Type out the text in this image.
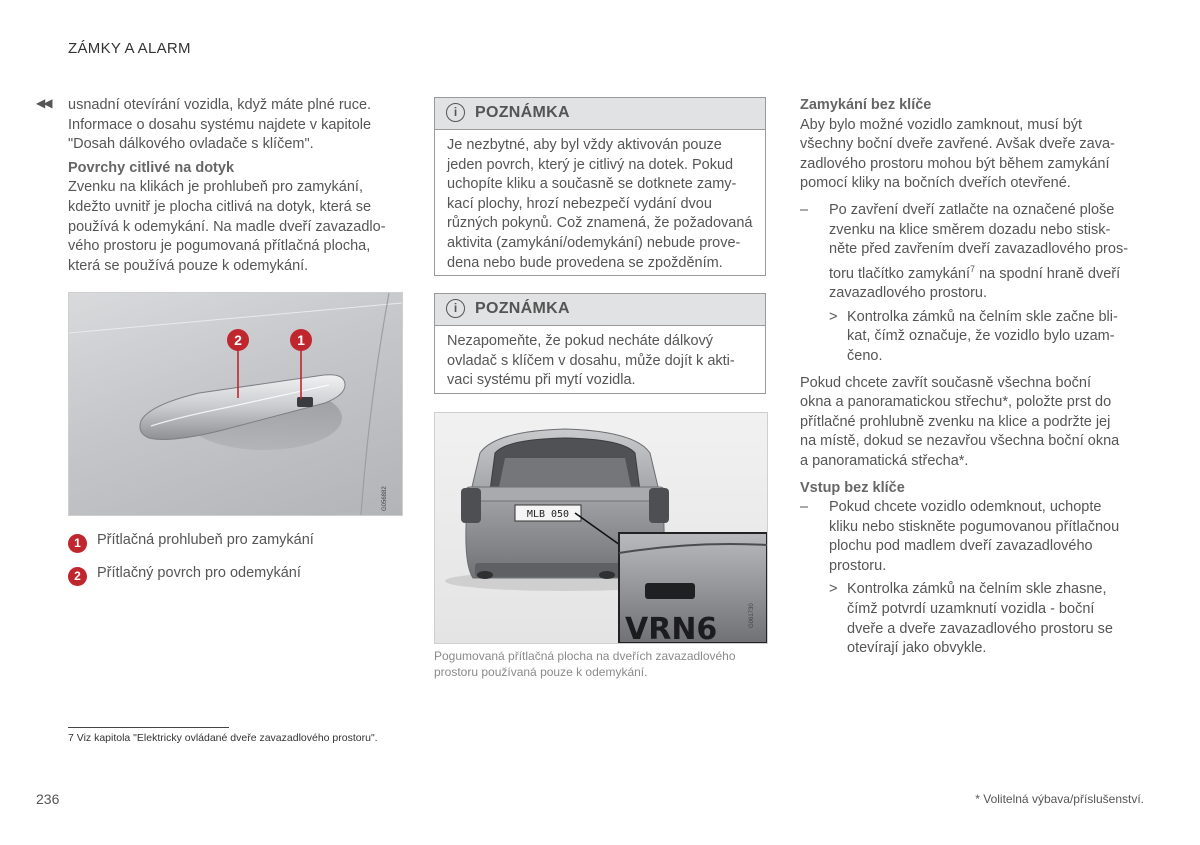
ZÁMKY A ALARM
◀◀ usnadní otevírání vozidla, když máte plné ruce.

Informace o dosahu systému najdete v kapitole

"Dosah dálkového ovladače s klíčem".

Povrchy citlivé na dotyk

Zvenku na klikách je prohlubeň pro zamykání,

kdežto uvnitř je plocha citlivá na dotyk, která se

používá k odemykání. Na madle dveří zavazadlo-

vého prostoru je pogumovaná přítlačná plocha,

která se používá pouze k odemykání.

2	1
G056882
1	Přítlačná prohlubeň pro zamykání
2	Přítlačný povrch pro odemykání
i	POZNÁMKA
Je nezbytné, aby byl vždy aktivován pouze
jeden povrch, který je citlivý na dotek. Pokud
uchopíte kliku a současně se dotknete zamy-
kací plochy, hrozí nebezpečí vydání dvou
různých pokynů. Což znamená, že požadovaná
aktivita (zamykání/odemykání) nebude prove-
dena nebo bude provedena se zpožděním.
i	POZNÁMKA
Nezapomeňte, že pokud necháte dálkový
ovladač s klíčem v dosahu, může dojít k akti-
vaci systému při mytí vozidla.
MLB 050
VRN6	G061730
Pogumovaná přítlačná plocha na dveřích zavazadlového
prostoru používaná pouze k odemykání.

Zamykání bez klíče

Aby bylo možné vozidlo zamknout, musí být

všechny boční dveře zavřené. Avšak dveře zava-

zadlového prostoru mohou být během zamykání

pomocí kliky na bočních dveřích otevřené.

– Po zavření dveří zatlačte na označené ploše

zvenku na klice směrem dozadu nebo stisk-

něte před zavřením dveří zavazadlového pros-

toru tlačítko zamykání$^7$ na spodní hraně dveří

zavazadlového prostoru.

> Kontrolka zámků na čelním skle začne bli-

kat, čímž označuje, že vozidlo bylo uzam-

čeno.

Pokud chcete zavřít současně všechna boční

okna a panoramatickou střechu*, položte prst do

přítlačné prohlubně zvenku na klice a podržte jej

na místě, dokud se nezavřou všechna boční okna

a panoramatická střecha*.

Vstup bez klíče

– Pokud chcete vozidlo odemknout, uchopte

kliku nebo stiskněte pogumovanou přítlačnou

plochu pod madlem dveří zavazadlového

prostoru.

> Kontrolka zámků na čelním skle zhasne,

čímž potvrdí uzamknutí vozidla - boční

dveře a dveře zavazadlového prostoru se

otevírají jako obvykle.

7 Viz kapitola "Elektricky ovládané dveře zavazadlového prostoru".
236	* Volitelná výbava/příslušenství.
